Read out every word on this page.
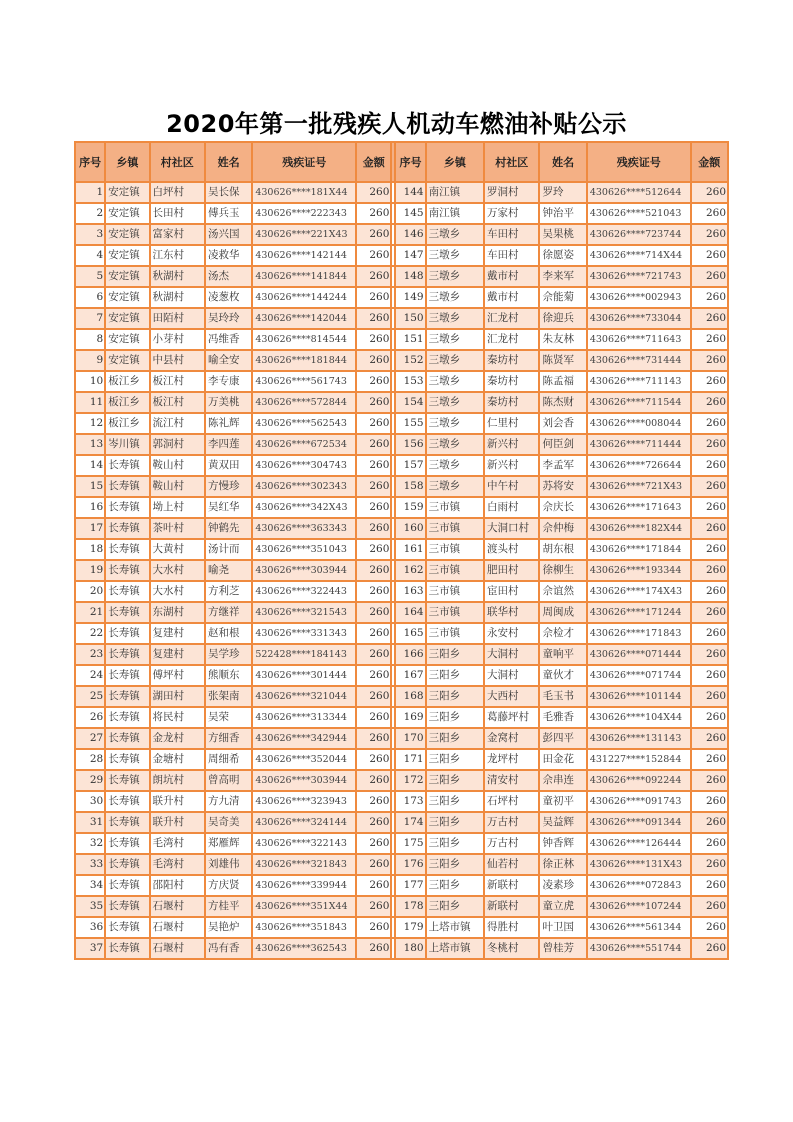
2020年第一批残疾人机动车燃油补贴公示
序号	乡镇	村社区	姓名	残疾证号	金额		序号	乡镇	村社区	姓名	残疾证号	金额
1	安定镇	白坪村	吴长保	430626****181X44	260		144	南江镇	罗洞村	罗玲	430626****512644	260
2	安定镇	长田村	傅兵玉	430626****222343	260		145	南江镇	万家村	钟治平	430626****521043	260
3	安定镇	富家村	汤兴国	430626****221X43	260		146	三墩乡	车田村	吴果桃	430626****723744	260
4	安定镇	江东村	凌救华	430626****142144	260		147	三墩乡	车田村	徐愿姿	430626****714X44	260
5	安定镇	秋湖村	汤杰	430626****141844	260		148	三墩乡	戴市村	李来军	430626****721743	260
6	安定镇	秋湖村	凌葱枚	430626****144244	260		149	三墩乡	戴市村	佘能菊	430626****002943	260
7	安定镇	田陌村	吴玲玲	430626****142044	260		150	三墩乡	汇龙村	徐迎兵	430626****733044	260
8	安定镇	小芽村	冯维香	430626****814544	260		151	三墩乡	汇龙村	朱友林	430626****711643	260
9	安定镇	中县村	喻全安	430626****181844	260		152	三墩乡	秦坊村	陈贤军	430626****731444	260
10	板江乡	板江村	李专康	430626****561743	260		153	三墩乡	秦坊村	陈孟福	430626****711143	260
11	板江乡	板江村	万美桃	430626****572844	260		154	三墩乡	秦坊村	陈杰财	430626****711544	260
12	板江乡	流江村	陈礼辉	430626****562543	260		155	三墩乡	仁里村	刘会香	430626****008044	260
13	岑川镇	郭洞村	李四莲	430626****672534	260		156	三墩乡	新兴村	何臣剑	430626****711444	260
14	长寿镇	鞍山村	黄双田	430626****304743	260		157	三墩乡	新兴村	李孟军	430626****726644	260
15	长寿镇	鞍山村	方慢珍	430626****302343	260		158	三墩乡	中午村	苏将安	430626****721X43	260
16	长寿镇	坳上村	吴红华	430626****342X43	260		159	三市镇	白雨村	佘庆长	430626****171643	260
17	长寿镇	茶叶村	钟鹤先	430626****363343	260		160	三市镇	大洞口村	佘仲梅	430626****182X44	260
18	长寿镇	大黄村	汤计而	430626****351043	260		161	三市镇	渡头村	胡东根	430626****171844	260
19	长寿镇	大水村	喻尧	430626****303944	260		162	三市镇	肥田村	徐柳生	430626****193344	260
20	长寿镇	大水村	方利芝	430626****322443	260		163	三市镇	宦田村	佘谊然	430626****174X43	260
21	长寿镇	东湖村	方继祥	430626****321543	260		164	三市镇	联华村	周闽成	430626****171244	260
22	长寿镇	复建村	赵和根	430626****331343	260		165	三市镇	永安村	佘检才	430626****171843	260
23	长寿镇	复建村	吴学珍	522428****184143	260		166	三阳乡	大洞村	童响平	430626****071444	260
24	长寿镇	傅坪村	熊顺东	430626****301444	260		167	三阳乡	大洞村	童伙才	430626****071744	260
25	长寿镇	湖田村	张架南	430626****321044	260		168	三阳乡	大西村	毛玉书	430626****101144	260
26	长寿镇	将民村	吴荣	430626****313344	260		169	三阳乡	葛藤坪村	毛雅香	430626****104X44	260
27	长寿镇	金龙村	方细香	430626****342944	260		170	三阳乡	金窝村	彭四平	430626****131143	260
28	长寿镇	金塘村	周细希	430626****352044	260		171	三阳乡	龙坪村	田金花	431227****152844	260
29	长寿镇	朗坑村	曾高明	430626****303944	260		172	三阳乡	清安村	佘串连	430626****092244	260
30	长寿镇	联升村	方九清	430626****323943	260		173	三阳乡	石坪村	童初平	430626****091743	260
31	长寿镇	联升村	吴奇美	430626****324144	260		174	三阳乡	万古村	吴益辉	430626****091344	260
32	长寿镇	毛湾村	郑雁辉	430626****322143	260		175	三阳乡	万古村	钟香辉	430626****126444	260
33	长寿镇	毛湾村	刘雄伟	430626****321843	260		176	三阳乡	仙若村	徐正林	430626****131X43	260
34	长寿镇	邵阳村	方庆贤	430626****339944	260		177	三阳乡	新联村	凌素珍	430626****072843	260
35	长寿镇	石堰村	方桂平	430626****351X44	260		178	三阳乡	新联村	童立虎	430626****107244	260
36	长寿镇	石堰村	吴艳炉	430626****351843	260		179	上塔市镇	得胜村	叶卫国	430626****561344	260
37	长寿镇	石堰村	冯有香	430626****362543	260		180	上塔市镇	冬桃村	曾桂芳	430626****551744	260
